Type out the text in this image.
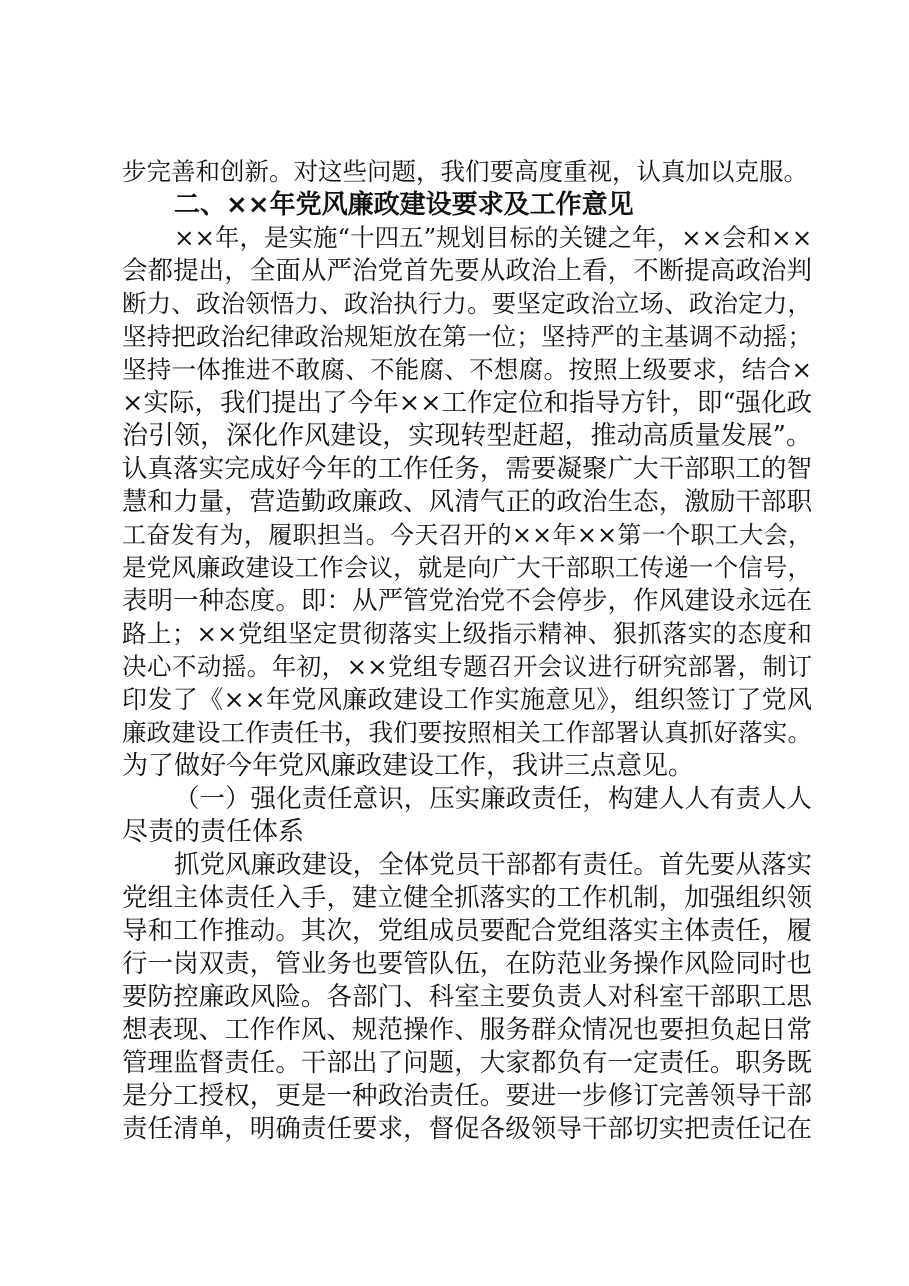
步完善和创新。对这些问题，我们要高度重视，认真加以克服。
二、××年党风廉政建设要求及工作意见
××年，是实施“十四五”规划目标的关键之年，××会和××
会都提出，全面从严治党首先要从政治上看，不断提高政治判
断力、政治领悟力、政治执行力。要坚定政治立场、政治定力，
坚持把政治纪律政治规矩放在第一位；坚持严的主基调不动摇；
坚持一体推进不敢腐、不能腐、不想腐。按照上级要求，结合×
×实际，我们提出了今年××工作定位和指导方针，即“强化政
治引领，深化作风建设，实现转型赶超，推动高质量发展”。
认真落实完成好今年的工作任务，需要凝聚广大干部职工的智
慧和力量，营造勤政廉政、风清气正的政治生态，激励干部职
工奋发有为，履职担当。今天召开的××年××第一个职工大会，
是党风廉政建设工作会议，就是向广大干部职工传递一个信号，
表明一种态度。即：从严管党治党不会停步，作风建设永远在
路上；××党组坚定贯彻落实上级指示精神、狠抓落实的态度和
决心不动摇。年初，××党组专题召开会议进行研究部署，制订
印发了《××年党风廉政建设工作实施意见》，组织签订了党风
廉政建设工作责任书，我们要按照相关工作部署认真抓好落实。
为了做好今年党风廉政建设工作，我讲三点意见。
（一）强化责任意识，压实廉政责任，构建人人有责人人
尽责的责任体系
抓党风廉政建设，全体党员干部都有责任。首先要从落实
党组主体责任入手，建立健全抓落实的工作机制，加强组织领
导和工作推动。其次，党组成员要配合党组落实主体责任，履
行一岗双责，管业务也要管队伍，在防范业务操作风险同时也
要防控廉政风险。各部门、科室主要负责人对科室干部职工思
想表现、工作作风、规范操作、服务群众情况也要担负起日常
管理监督责任。干部出了问题，大家都负有一定责任。职务既
是分工授权，更是一种政治责任。要进一步修订完善领导干部
责任清单，明确责任要求，督促各级领导干部切实把责任记在
